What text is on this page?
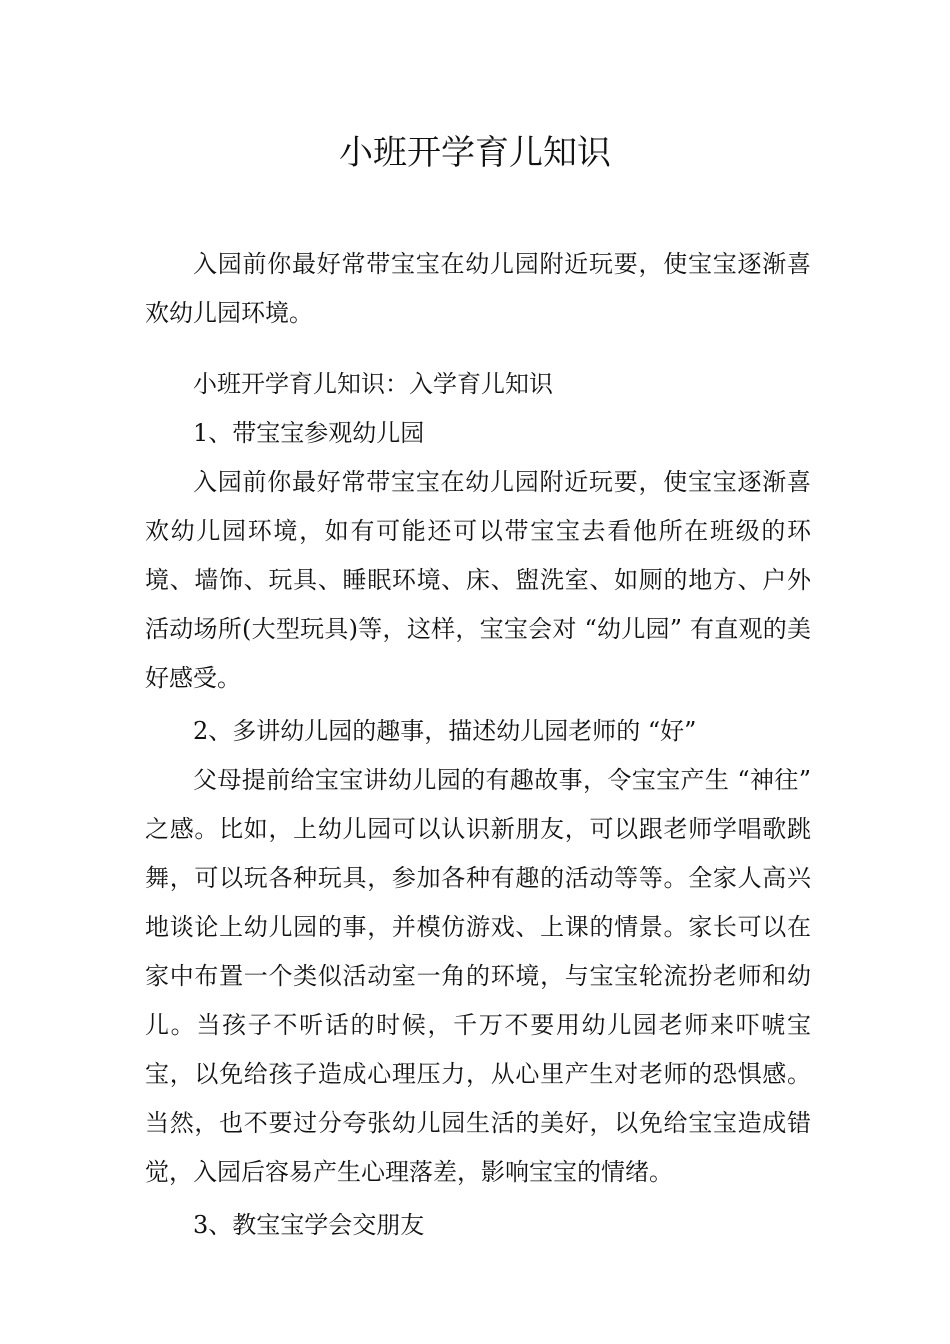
小班开学育儿知识

入园前你最好常带宝宝在幼儿园附近玩要，使宝宝逐渐喜欢幼儿园环境。

小班开学育儿知识：入学育儿知识

1、带宝宝参观幼儿园

入园前你最好常带宝宝在幼儿园附近玩要，使宝宝逐渐喜欢幼儿园环境，如有可能还可以带宝宝去看他所在班级的环境、墙饰、玩具、睡眠环境、床、盥洗室、如厕的地方、户外活动场所(大型玩具)等，这样，宝宝会对 “幼儿园” 有直观的美好感受。

2、多讲幼儿园的趣事，描述幼儿园老师的 “好”

父母提前给宝宝讲幼儿园的有趣故事，令宝宝产生 “神往” 之感。比如，上幼儿园可以认识新朋友，可以跟老师学唱歌跳舞，可以玩各种玩具，参加各种有趣的活动等等。全家人高兴地谈论上幼儿园的事，并模仿游戏、上课的情景。家长可以在家中布置一个类似活动室一角的环境，与宝宝轮流扮老师和幼儿。当孩子不听话的时候，千万不要用幼儿园老师来吓唬宝宝，以免给孩子造成心理压力，从心里产生对老师的恐惧感。当然，也不要过分夸张幼儿园生活的美好，以免给宝宝造成错觉，入园后容易产生心理落差，影响宝宝的情绪。

3、教宝宝学会交朋友
